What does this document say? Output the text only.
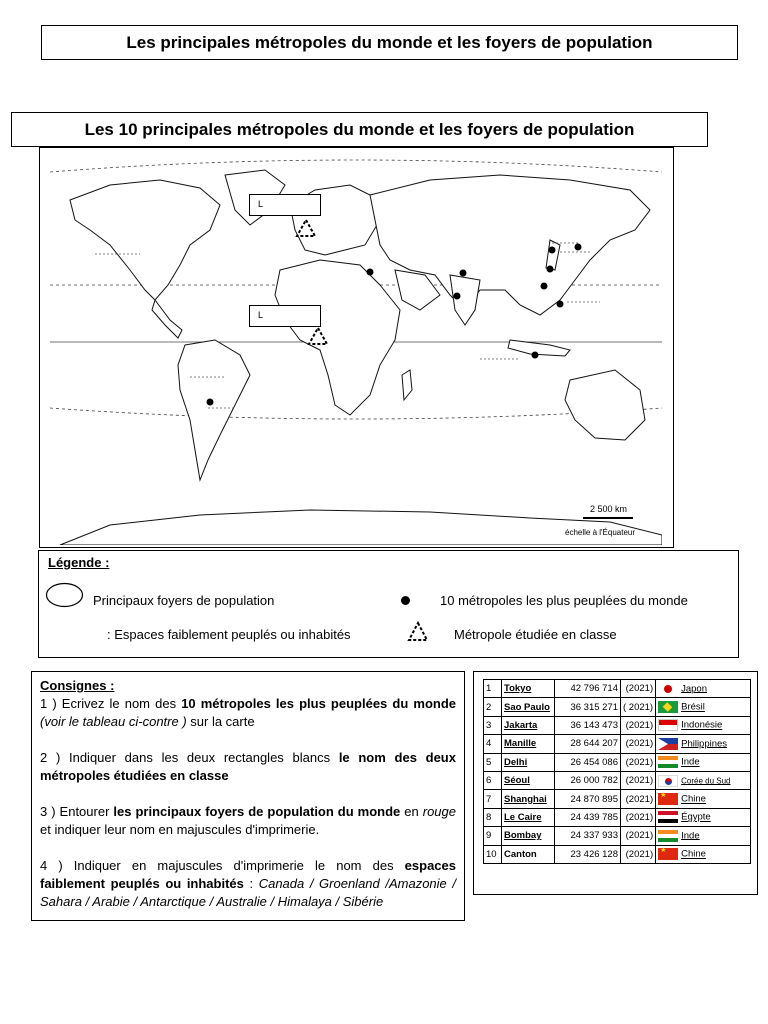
Les principales métropoles du monde et les foyers de population
Les 10 principales métropoles du monde et les foyers de population
2 500 km
échelle à l'Équateur
L
L
Légende :
Principaux foyers de population	10 métropoles les plus peuplées du monde
: Espaces faiblement peuplés ou inhabités	Métropole étudiée en classe

Consignes :

1 ) Ecrivez le nom des 10 métropoles les plus peuplées du monde (voir le tableau ci-contre ) sur la carte

2 ) Indiquer dans les deux rectangles blancs le nom des deux métropoles étudiées en classe

3 ) Entourer les principaux foyers de population du monde en rouge et indiquer leur nom en majuscules d'imprimerie.

4 ) Indiquer en majuscules d'imprimerie le nom des espaces faiblement peuplés ou inhabités : Canada / Groenland /Amazonie / Sahara / Arabie / Antarctique / Australie / Himalaya / Sibérie

1	Tokyo	42 796 714	(2021)	Japon
2	Sao Paulo	36 315 271	( 2021)	Brésil
3	Jakarta	36 143 473	(2021)	Indonésie
4	Manille	28 644 207	(2021)	Philippines
5	Delhi	26 454 086	(2021)	Inde
6	Séoul	26 000 782	(2021)	Corée du Sud
7	Shanghai	24 870 895	(2021)	★Chine
8	Le Caire	24 439 785	(2021)	Égypte
9	Bombay	24 337 933	(2021)	Inde
10	Canton	23 426 128	(2021)	★Chine
